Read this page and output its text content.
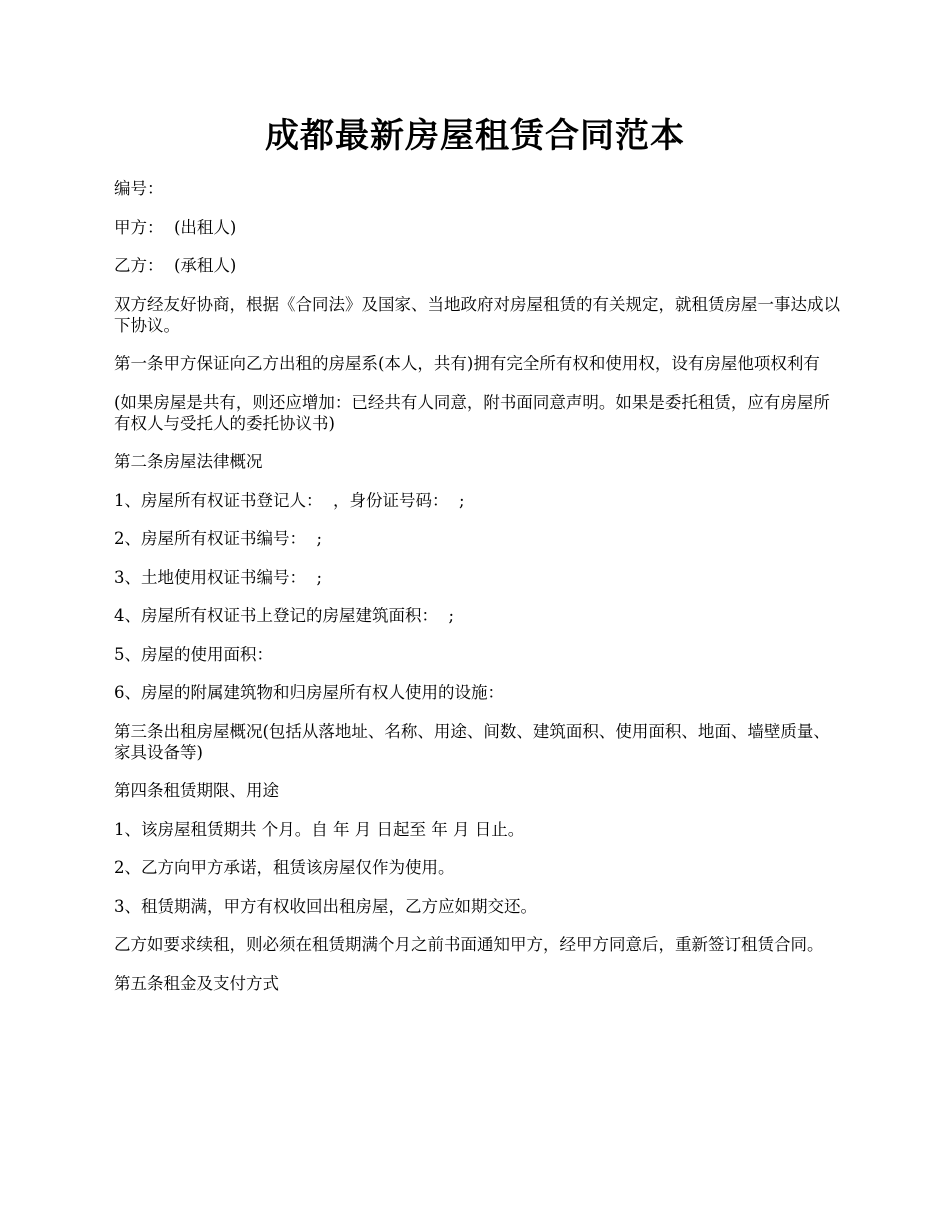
成都最新房屋租赁合同范本

编号：

甲方：  (出租人)

乙方：  (承租人)

双方经友好协商，根据《合同法》及国家、当地政府对房屋租赁的有关规定，就租赁房屋一事达成以下协议。

第一条甲方保证向乙方出租的房屋系(本人，共有)拥有完全所有权和使用权，设有房屋他项权利有

(如果房屋是共有，则还应增加：已经共有人同意，附书面同意声明。如果是委托租赁，应有房屋所有权人与受托人的委托协议书)

第二条房屋法律概况

1、房屋所有权证书登记人：  ，身份证号码：  ;

2、房屋所有权证书编号：  ;

3、土地使用权证书编号：  ;

4、房屋所有权证书上登记的房屋建筑面积：  ;

5、房屋的使用面积：

6、房屋的附属建筑物和归房屋所有权人使用的设施：

第三条出租房屋概况(包括从落地址、名称、用途、间数、建筑面积、使用面积、地面、墙壁质量、家具设备等)

第四条租赁期限、用途

1、该房屋租赁期共 个月。自 年 月 日起至 年 月 日止。

2、乙方向甲方承诺，租赁该房屋仅作为使用。

3、租赁期满，甲方有权收回出租房屋，乙方应如期交还。

乙方如要求续租，则必须在租赁期满个月之前书面通知甲方，经甲方同意后，重新签订租赁合同。

第五条租金及支付方式
